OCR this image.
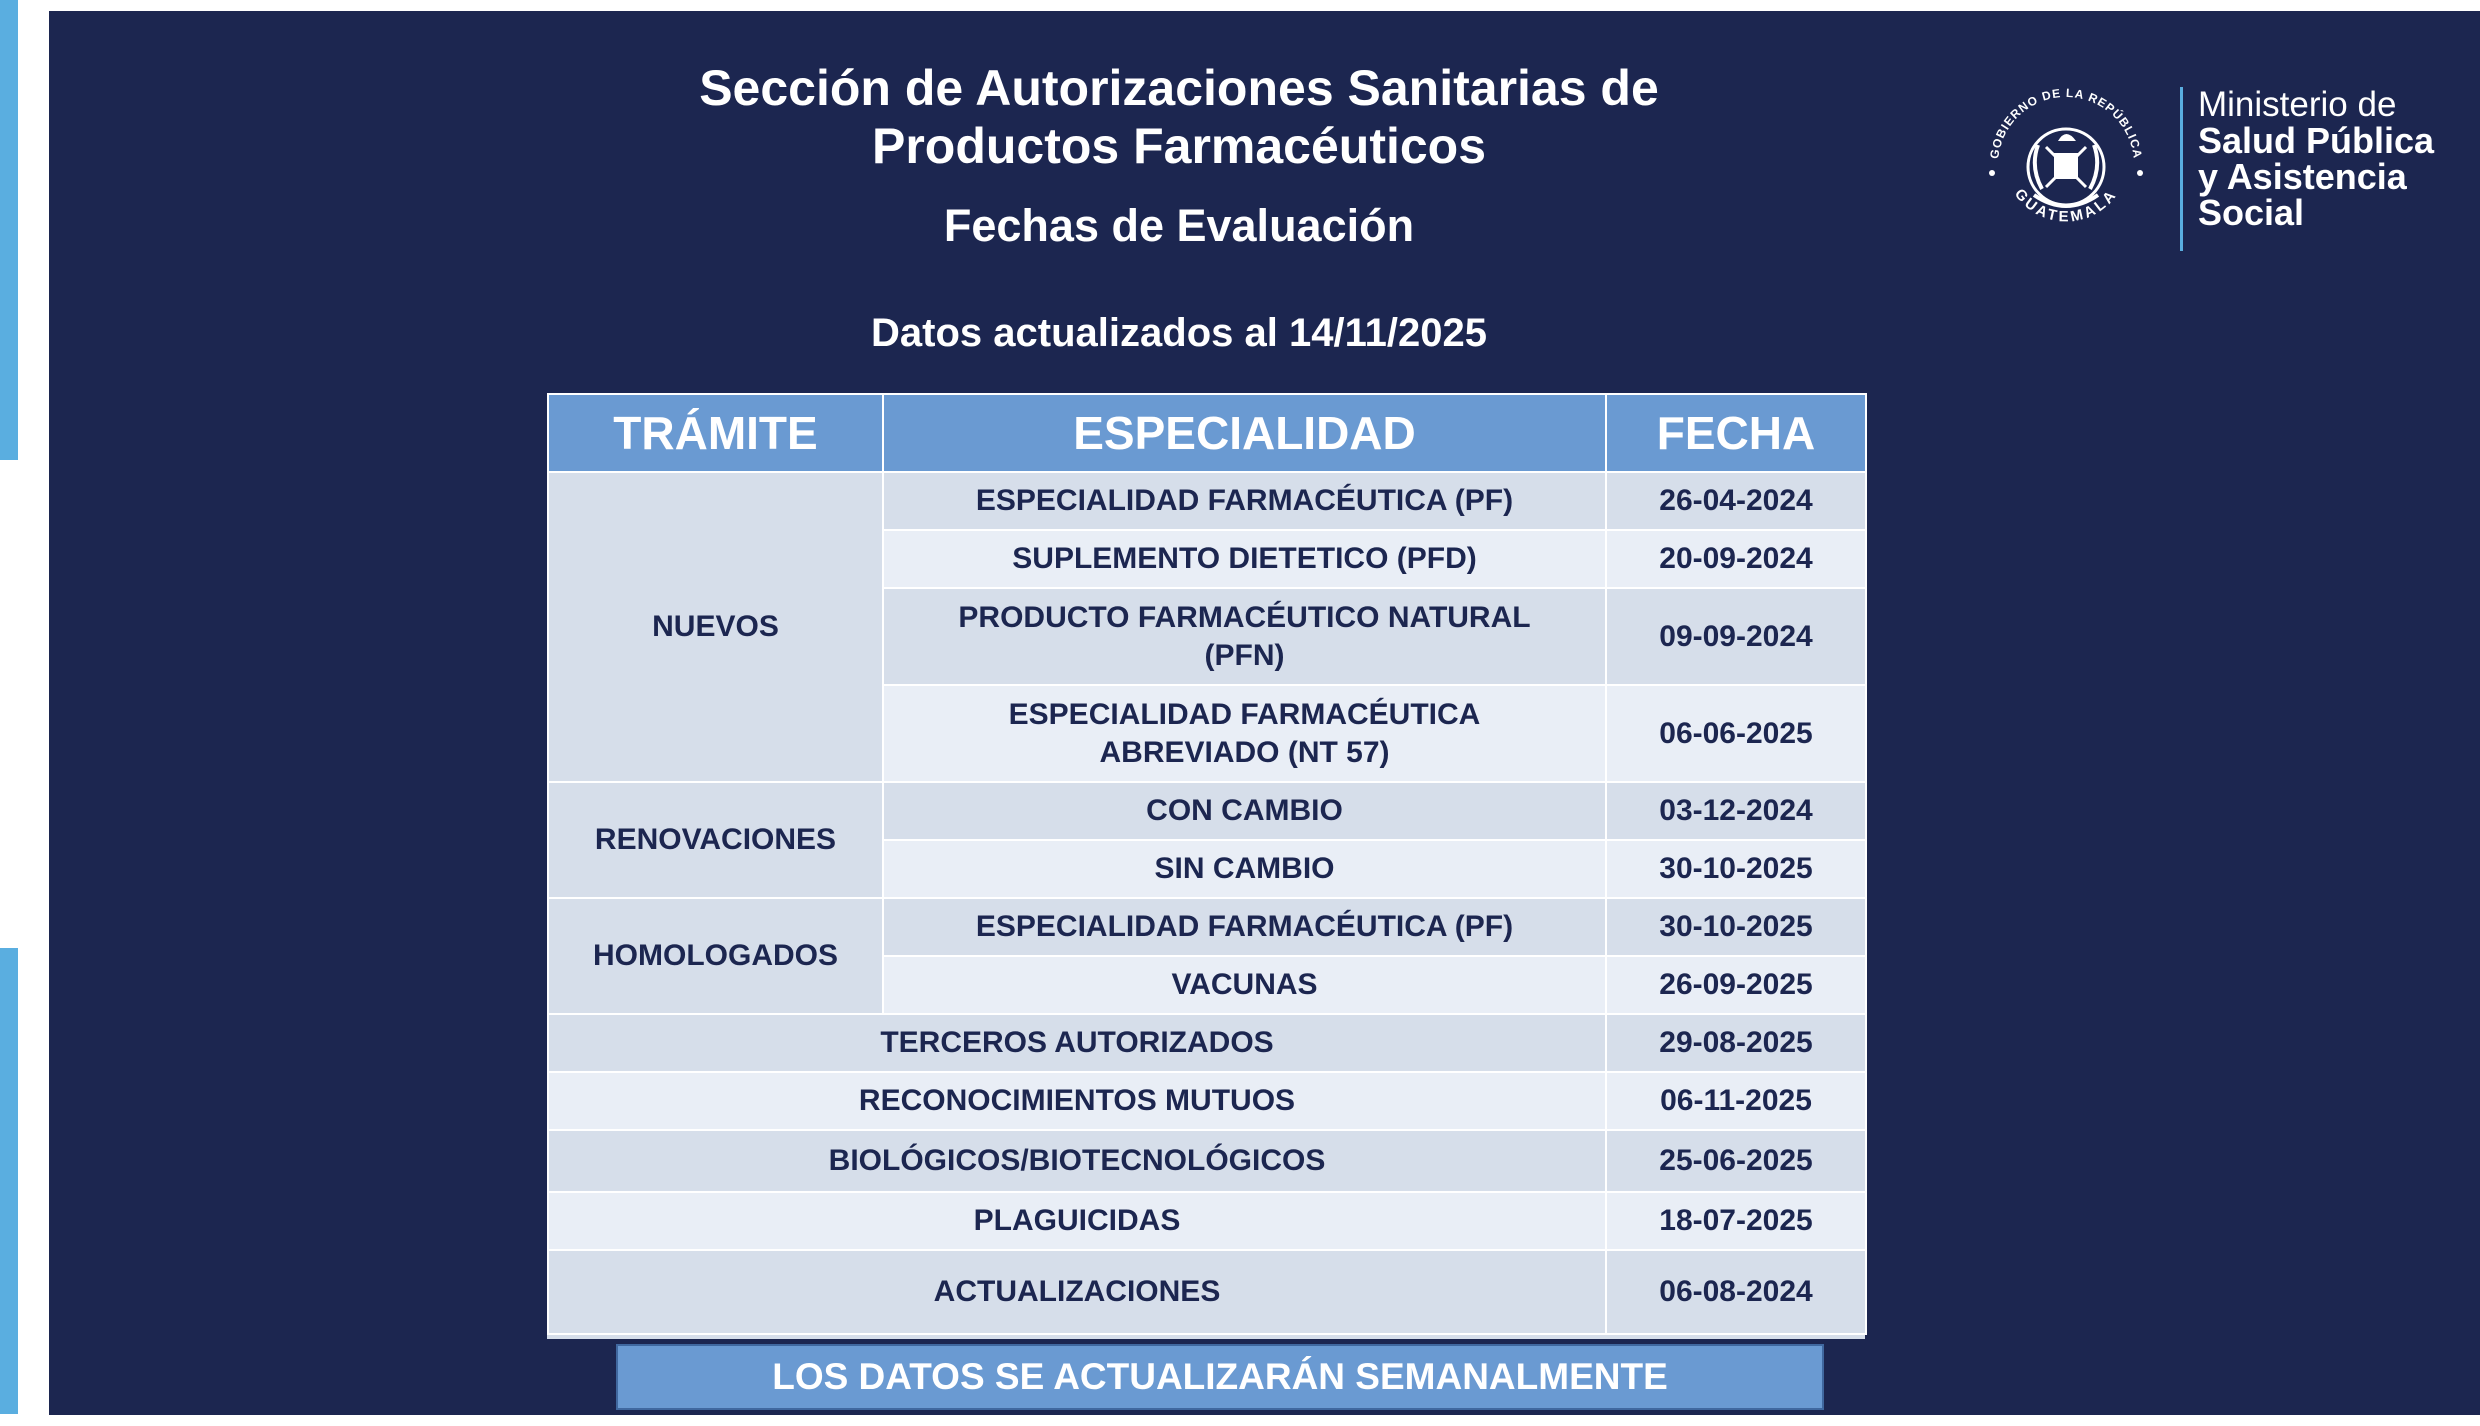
Sección de Autorizaciones Sanitarias de
Productos Farmacéuticos
Fechas de Evaluación
Datos actualizados al 14/11/2025
GOBIERNO DE LA REPÚBLICA
GUATEMALA
Ministerio de
Salud Pública
y Asistencia
Social
TRÁMITE	ESPECIALIDAD	FECHA
NUEVOS	ESPECIALIDAD FARMACÉUTICA (PF)	26-04-2024
	SUPLEMENTO DIETETICO (PFD)	20-09-2024

	PRODUCTO FARMACÉUTICO NATURAL
(PFN)	09-09-2024

	ESPECIALIDAD FARMACÉUTICA
ABREVIADO (NT 57)	06-06-2025
RENOVACIONES	CON CAMBIO	03-12-2024
	SIN CAMBIO	30-10-2025
HOMOLOGADOS	ESPECIALIDAD FARMACÉUTICA (PF)	30-10-2025
	VACUNAS	26-09-2025
TERCEROS AUTORIZADOS		29-08-2025
RECONOCIMIENTOS MUTUOS		06-11-2025
BIOLÓGICOS/BIOTECNOLÓGICOS		25-06-2025
PLAGUICIDAS		18-07-2025
ACTUALIZACIONES		06-08-2024
LOS DATOS SE ACTUALIZARÁN SEMANALMENTE
